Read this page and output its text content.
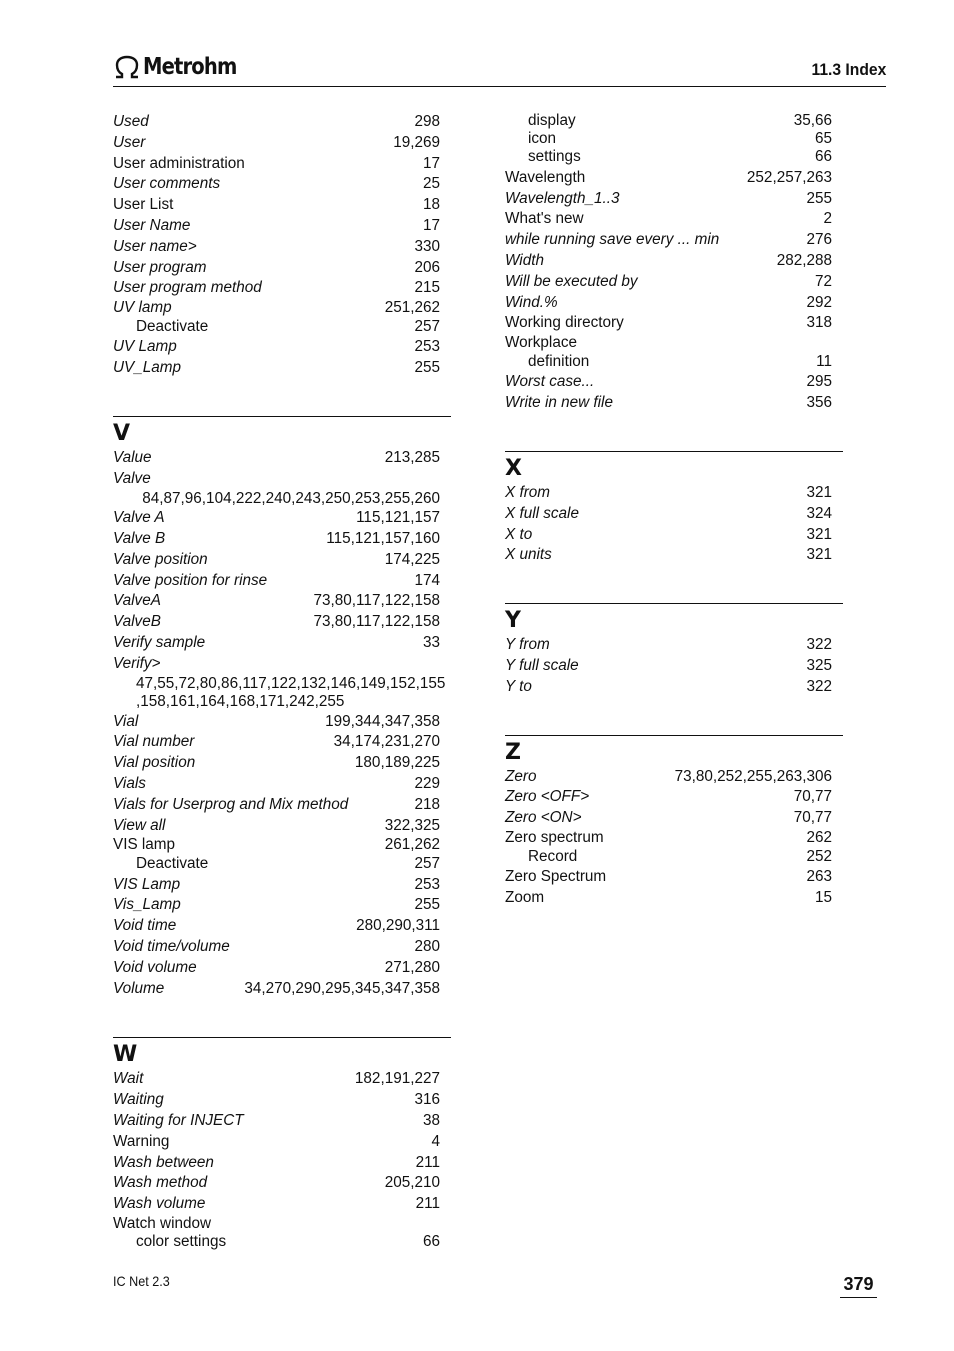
Metrohm	11.3 Index
Used	298
User	19,269
User administration	17
User comments	25
User List	18
User Name	17
User name>	330
User program	206
User program method	215
UV lamp	251,262
Deactivate	257
UV Lamp	253
UV_Lamp	255
V
Value	213,285
Valve
84,87,96,104,222,240,243,250,253,255,260
Valve A	115,121,157
Valve B	115,121,157,160
Valve position	174,225
Valve position for rinse	174
ValveA	73,80,117,122,158
ValveB	73,80,117,122,158
Verify sample	33
Verify>
47,55,72,80,86,117,122,132,146,149,152,155
,158,161,164,168,171,242,255
Vial	199,344,347,358
Vial number	34,174,231,270
Vial position	180,189,225
Vials	229
Vials for Userprog and Mix method	218
View all	322,325
VIS lamp	261,262
Deactivate	257
VIS Lamp	253
Vis_Lamp	255
Void time	280,290,311
Void time/volume	280
Void volume	271,280
Volume	34,270,290,295,345,347,358
W
Wait	182,191,227
Waiting	316
Waiting for INJECT	38
Warning	4
Wash between	211
Wash method	205,210
Wash volume	211
Watch window
color settings	66
display	35,66
icon	65
settings	66
Wavelength	252,257,263
Wavelength_1..3	255
What's new	2
while running save every ... min	276
Width	282,288
Will be executed by	72
Wind.%	292
Working directory	318
Workplace
definition	11
Worst case...	295
Write in new file	356
X
X from	321
X full scale	324
X to	321
X units	321
Y
Y from	322
Y full scale	325
Y to	322
Z
Zero	73,80,252,255,263,306
Zero <OFF>	70,77
Zero <ON>	70,77
Zero spectrum	262
Record	252
Zero Spectrum	263
Zoom	15
IC Net 2.3	379
